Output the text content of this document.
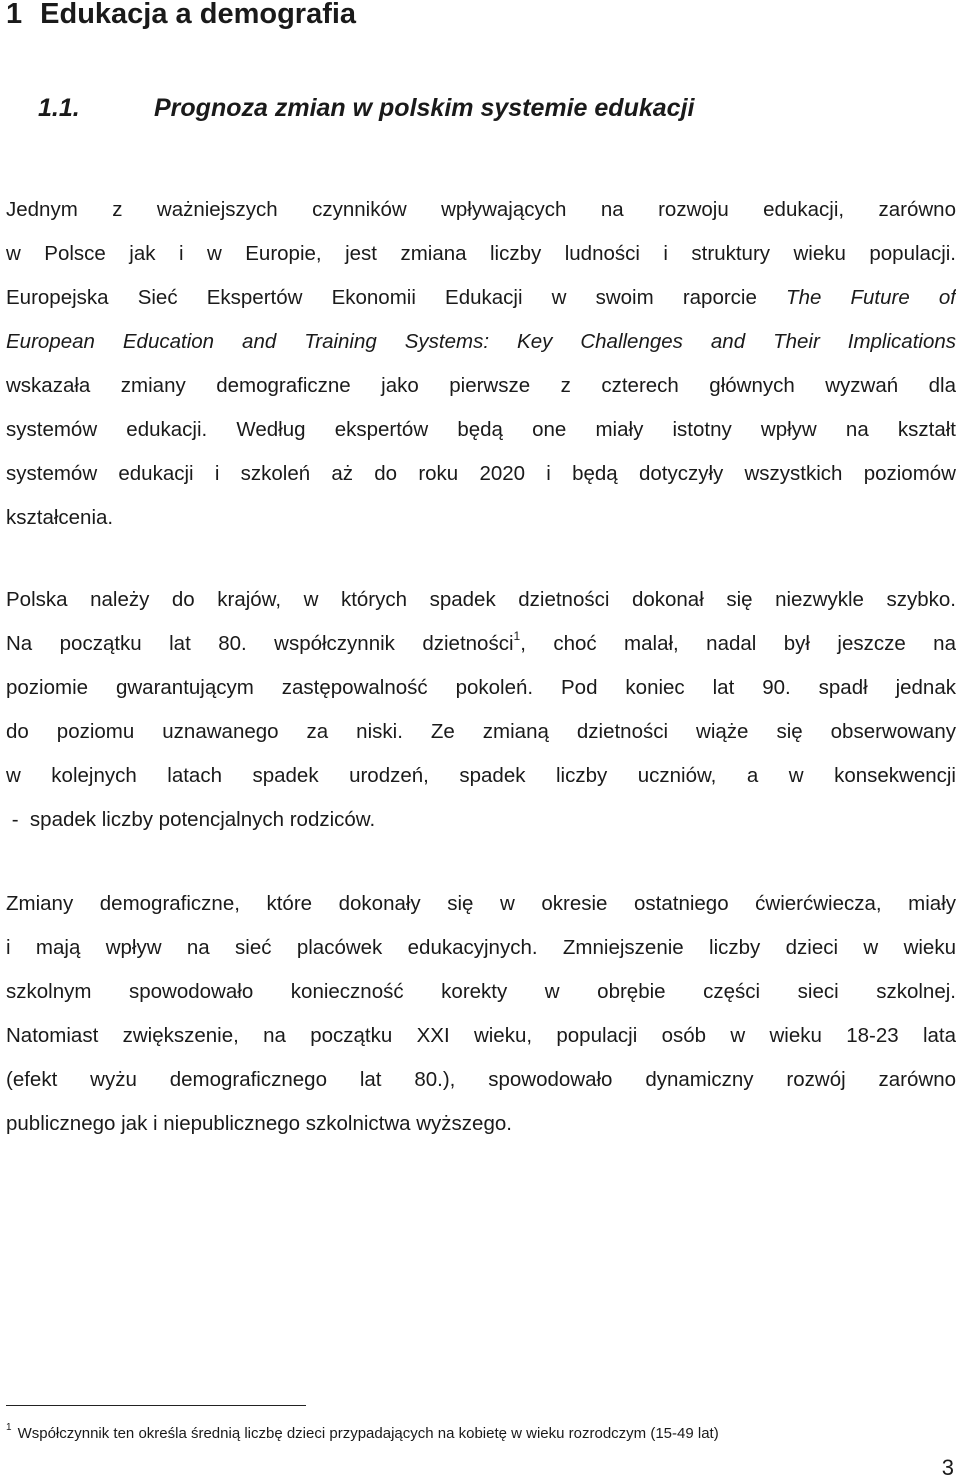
1 Edukacja a demografia
1.1.	Prognoza zmian w polskim systemie edukacji
Jednym z ważniejszych czynników wpływających na rozwoju edukacji, zarówno
w Polsce jak i w Europie, jest zmiana liczby ludności i struktury wieku populacji.
Europejska Sieć Ekspertów Ekonomii Edukacji w swoim raporcie The Future of
European Education and Training Systems: Key Challenges and Their Implications
wskazała zmiany demograficzne jako pierwsze z czterech głównych wyzwań dla
systemów edukacji. Według ekspertów będą one miały istotny wpływ na kształt
systemów edukacji i szkoleń aż do roku 2020 i będą dotyczyły wszystkich poziomów
kształcenia.
Polska należy do krajów, w których spadek dzietności dokonał się niezwykle szybko.
Na początku lat 80. współczynnik dzietności$^1$, choć malał, nadal był jeszcze na
poziomie gwarantującym zastępowalność pokoleń. Pod koniec lat 90. spadł jednak
do poziomu uznawanego za niski. Ze zmianą dzietności wiąże się obserwowany
w kolejnych latach spadek urodzeń, spadek liczby uczniów, a w konsekwencji
-  spadek liczby potencjalnych rodziców.
Zmiany demograficzne, które dokonały się w okresie ostatniego ćwierćwiecza, miały
i mają wpływ na sieć placówek edukacyjnych. Zmniejszenie liczby dzieci w wieku
szkolnym spowodowało konieczność korekty w obrębie części sieci szkolnej.
Natomiast zwiększenie, na początku XXI wieku, populacji osób w wieku 18-23 lata
(efekt wyżu demograficznego lat 80.), spowodowało dynamiczny rozwój zarówno
publicznego jak i niepublicznego szkolnictwa wyższego.
$^1$ Współczynnik ten określa średnią liczbę dzieci przypadających na kobietę w wieku rozrodczym (15-49 lat)
3
